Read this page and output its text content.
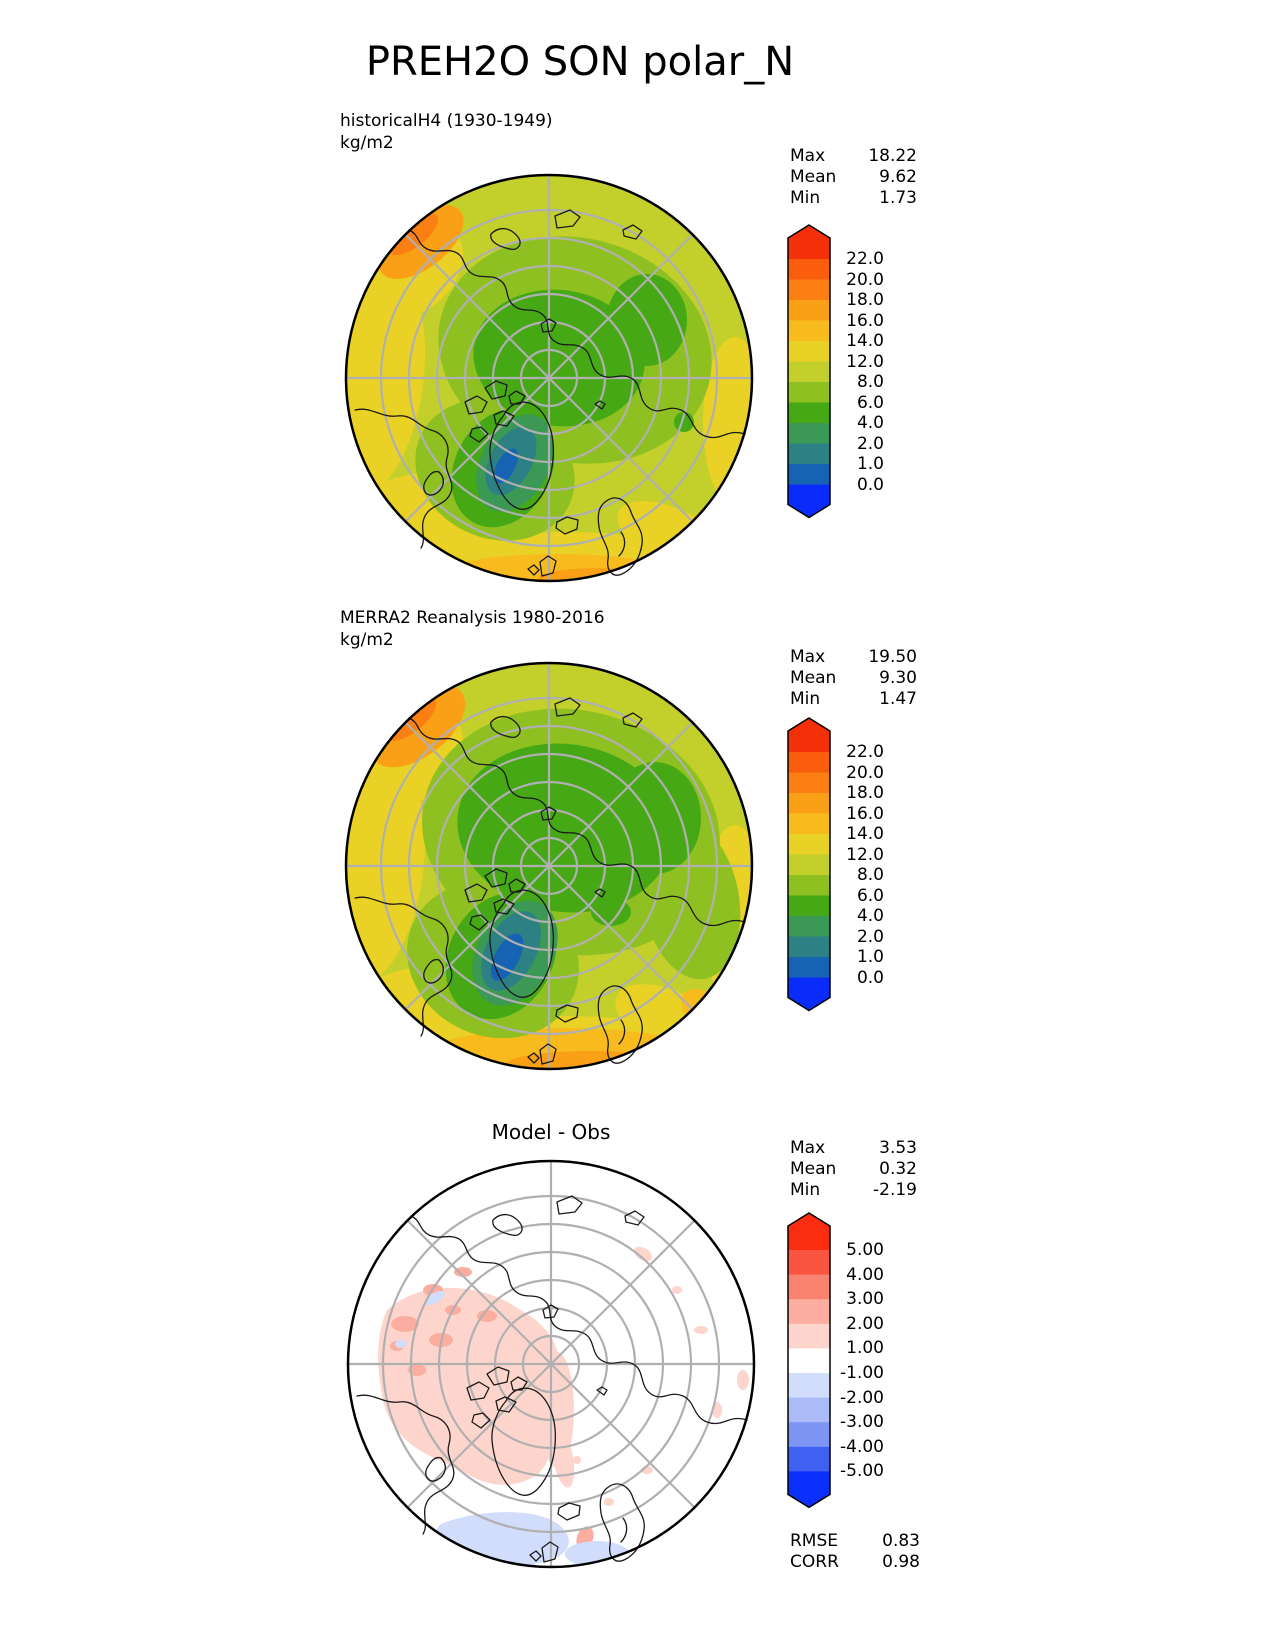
PREH2O SON polar_N
historicalH4 (1930-1949)
kg/m2
Max	18.22
Mean	9.62
Min	1.73
22.0
20.0
18.0
16.0
14.0
12.0
8.0
6.0
4.0
2.0
1.0
0.0
MERRA2 Reanalysis 1980-2016
kg/m2
Max	19.50
Mean	9.30
Min	1.47
22.0
20.0
18.0
16.0
14.0
12.0
8.0
6.0
4.0
2.0
1.0
0.0
Model - Obs
Max	3.53
Mean	0.32
Min	-2.19
5.00
4.00
3.00
2.00
1.00
-1.00
-2.00
-3.00
-4.00
-5.00
RMSE	0.83
CORR	0.98
